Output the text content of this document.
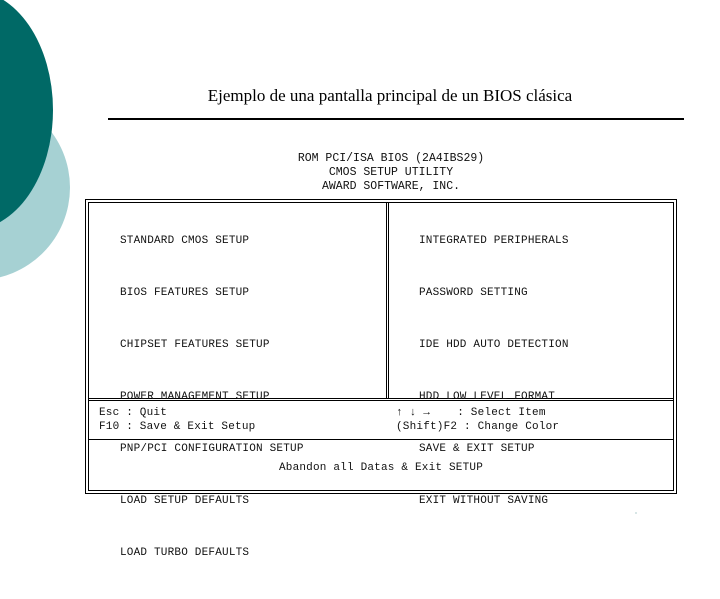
Ejemplo de una pantalla principal de un BIOS clásica
ROM PCI/ISA BIOS (2A4IBS29)
CMOS SETUP UTILITY
AWARD SOFTWARE, INC.

STANDARD CMOS SETUP

BIOS FEATURES SETUP

CHIPSET FEATURES SETUP

POWER MANAGEMENT SETUP

PNP/PCI CONFIGURATION SETUP

LOAD SETUP DEFAULTS

LOAD TURBO DEFAULTS

INTEGRATED PERIPHERALS

PASSWORD SETTING

IDE HDD AUTO DETECTION

HDD LOW LEVEL FORMAT

SAVE & EXIT SETUP

EXIT WITHOUT SAVING

Esc : Quit
F10 : Save & Exit Setup
↑ ↓ →    : Select Item
(Shift)F2 : Change Color
Abandon all Datas & Exit SETUP
